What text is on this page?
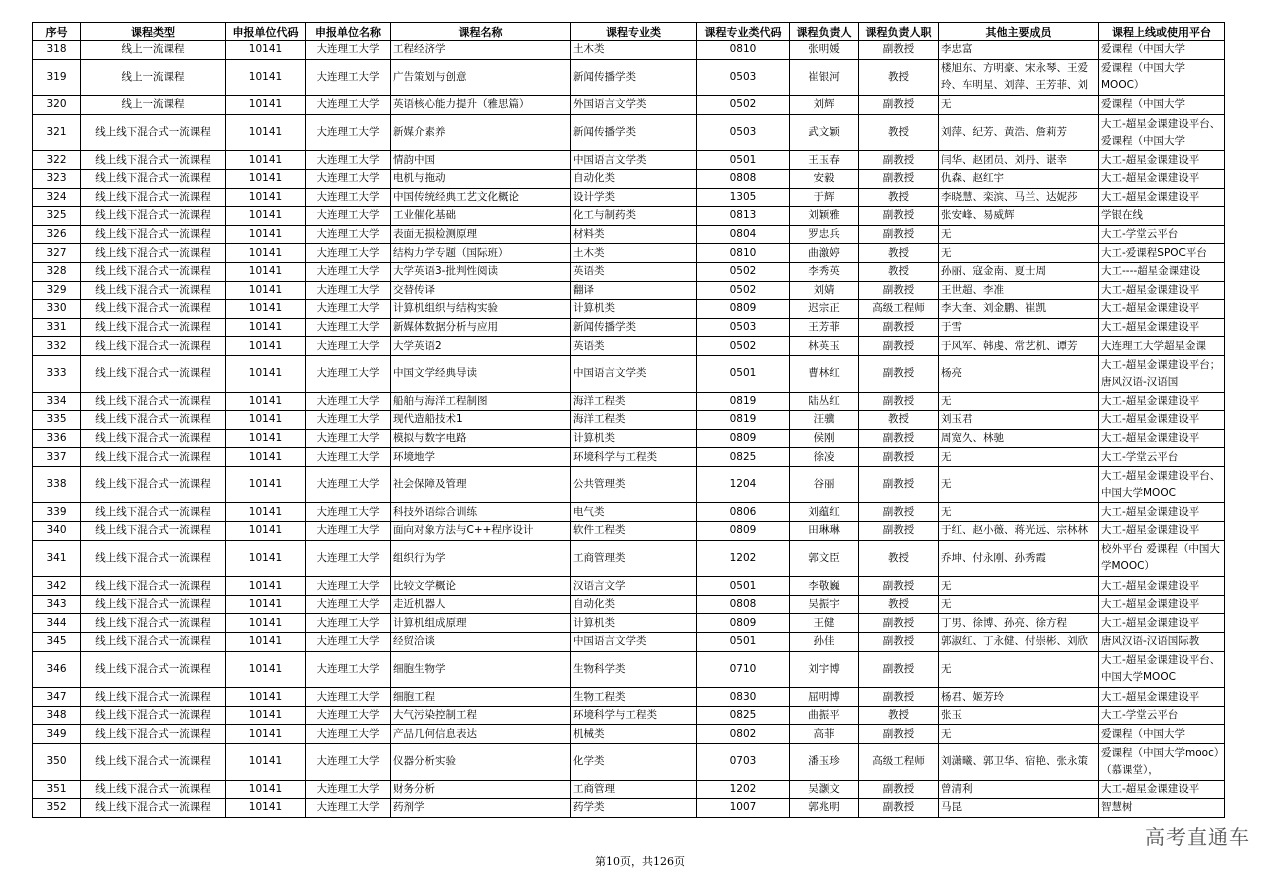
序号	课程类型	申报单位代码	申报单位名称	课程名称	课程专业类	课程专业类代码	课程负责人	课程负责人职	其他主要成员	课程上线或使用平台
318	线上一流课程	10141	大连理工大学	工程经济学	土木类	0810	张明媛	副教授	李忠富	爱课程（中国大学
319	线上一流课程	10141	大连理工大学	广告策划与创意	新闻传播学类	0503	崔银河	教授	楼旭东、方明豪、宋永琴、王爱玲、车明星、刘萍、王芳菲、刘	爱课程（中国大学MOOC）

320	线上一流课程	10141	大连理工大学	英语核心能力提升（雅思篇）	外国语言文学类	0502	刘辉	副教授	无	爱课程（中国大学
321	线上线下混合式一流课程	10141	大连理工大学	新媒介素养	新闻传播学类	0503	武文颖	教授	刘萍、纪芳、黄浩、詹莉芳	大工-超星金课建设平台、爱课程（中国大学

322	线上线下混合式一流课程	10141	大连理工大学	情韵中国	中国语言文学类	0501	王玉春	副教授	闫华、赵团员、刘丹、谌幸	大工-超星金课建设平
323	线上线下混合式一流课程	10141	大连理工大学	电机与拖动	自动化类	0808	安毅	副教授	仇森、赵红宇	大工-超星金课建设平
324	线上线下混合式一流课程	10141	大连理工大学	中国传统经典工艺文化概论	设计学类	1305	于辉	教授	李晓慧、栾滨、马兰、达妮莎	大工-超星金课建设平
325	线上线下混合式一流课程	10141	大连理工大学	工业催化基础	化工与制药类	0813	刘颖雅	副教授	张安峰、易威辉	学银在线
326	线上线下混合式一流课程	10141	大连理工大学	表面无损检测原理	材料类	0804	罗忠兵	副教授	无	大工-学堂云平台
327	线上线下混合式一流课程	10141	大连理工大学	结构力学专题（国际班）	土木类	0810	曲激婷	教授	无	大工-爱课程SPOC平台
328	线上线下混合式一流课程	10141	大连理工大学	大学英语3-批判性阅读	英语类	0502	李秀英	教授	孙丽、寇金南、夏士周	大工----超星金课建设
329	线上线下混合式一流课程	10141	大连理工大学	交替传译	翻译	0502	刘婧	副教授	王世超、李准	大工-超星金课建设平
330	线上线下混合式一流课程	10141	大连理工大学	计算机组织与结构实验	计算机类	0809	迟宗正	高级工程师	李大奎、刘金鹏、崔凯	大工-超星金课建设平
331	线上线下混合式一流课程	10141	大连理工大学	新媒体数据分析与应用	新闻传播学类	0503	王芳菲	副教授	于雪	大工-超星金课建设平
332	线上线下混合式一流课程	10141	大连理工大学	大学英语2	英语类	0502	林英玉	副教授	于风军、韩虔、常艺机、谭芳	大连理工大学超星金课
333	线上线下混合式一流课程	10141	大连理工大学	中国文学经典导读	中国语言文学类	0501	曹林红	副教授	杨亮	大工-超星金课建设平台；唐风汉语-汉语国

334	线上线下混合式一流课程	10141	大连理工大学	船舶与海洋工程制图	海洋工程类	0819	陆丛红	副教授	无	大工-超星金课建设平
335	线上线下混合式一流课程	10141	大连理工大学	现代造船技术1	海洋工程类	0819	汪骥	教授	刘玉君	大工-超星金课建设平
336	线上线下混合式一流课程	10141	大连理工大学	模拟与数字电路	计算机类	0809	侯刚	副教授	周宽久、林驰	大工-超星金课建设平
337	线上线下混合式一流课程	10141	大连理工大学	环境地学	环境科学与工程类	0825	徐凌	副教授	无	大工-学堂云平台
338	线上线下混合式一流课程	10141	大连理工大学	社会保障及管理	公共管理类	1204	谷丽	副教授	无	大工-超星金课建设平台、中国大学MOOC

339	线上线下混合式一流课程	10141	大连理工大学	科技外语综合训练	电气类	0806	刘蕴红	副教授	无	大工-超星金课建设平
340	线上线下混合式一流课程	10141	大连理工大学	面向对象方法与C++程序设计	软件工程类	0809	田琳琳	副教授	于红、赵小薇、蒋光远、宗林林	大工-超星金课建设平
341	线上线下混合式一流课程	10141	大连理工大学	组织行为学	工商管理类	1202	郭文臣	教授	乔坤、付永刚、孙秀霞	校外平台 爱课程（中国大学MOOC）

342	线上线下混合式一流课程	10141	大连理工大学	比较文学概论	汉语言文学	0501	李敬巍	副教授	无	大工-超星金课建设平
343	线上线下混合式一流课程	10141	大连理工大学	走近机器人	自动化类	0808	吴振宇	教授	无	大工-超星金课建设平
344	线上线下混合式一流课程	10141	大连理工大学	计算机组成原理	计算机类	0809	王健	副教授	丁男、徐博、孙亮、徐方程	大工-超星金课建设平
345	线上线下混合式一流课程	10141	大连理工大学	经贸洽谈	中国语言文学类	0501	孙佳	副教授	郭淑红、丁永健、付崇彬、刘欣	唐风汉语-汉语国际教
346	线上线下混合式一流课程	10141	大连理工大学	细胞生物学	生物科学类	0710	刘宇博	副教授	无	大工-超星金课建设平台、中国大学MOOC

347	线上线下混合式一流课程	10141	大连理工大学	细胞工程	生物工程类	0830	屈明博	副教授	杨君、姬芳玲	大工-超星金课建设平
348	线上线下混合式一流课程	10141	大连理工大学	大气污染控制工程	环境科学与工程类	0825	曲振平	教授	张玉	大工-学堂云平台
349	线上线下混合式一流课程	10141	大连理工大学	产品几何信息表达	机械类	0802	高菲	副教授	无	爱课程（中国大学
350	线上线下混合式一流课程	10141	大连理工大学	仪器分析实验	化学类	0703	潘玉珍	高级工程师	刘潇曦、郭卫华、宿艳、张永策	爱课程（中国大学mooc）（慕课堂），

351	线上线下混合式一流课程	10141	大连理工大学	财务分析	工商管理	1202	吴灏文	副教授	曾清利	大工-超星金课建设平
352	线上线下混合式一流课程	10141	大连理工大学	药剂学	药学类	1007	郭兆明	副教授	马昆	智慧树
第10页，共126页
高考直通车
